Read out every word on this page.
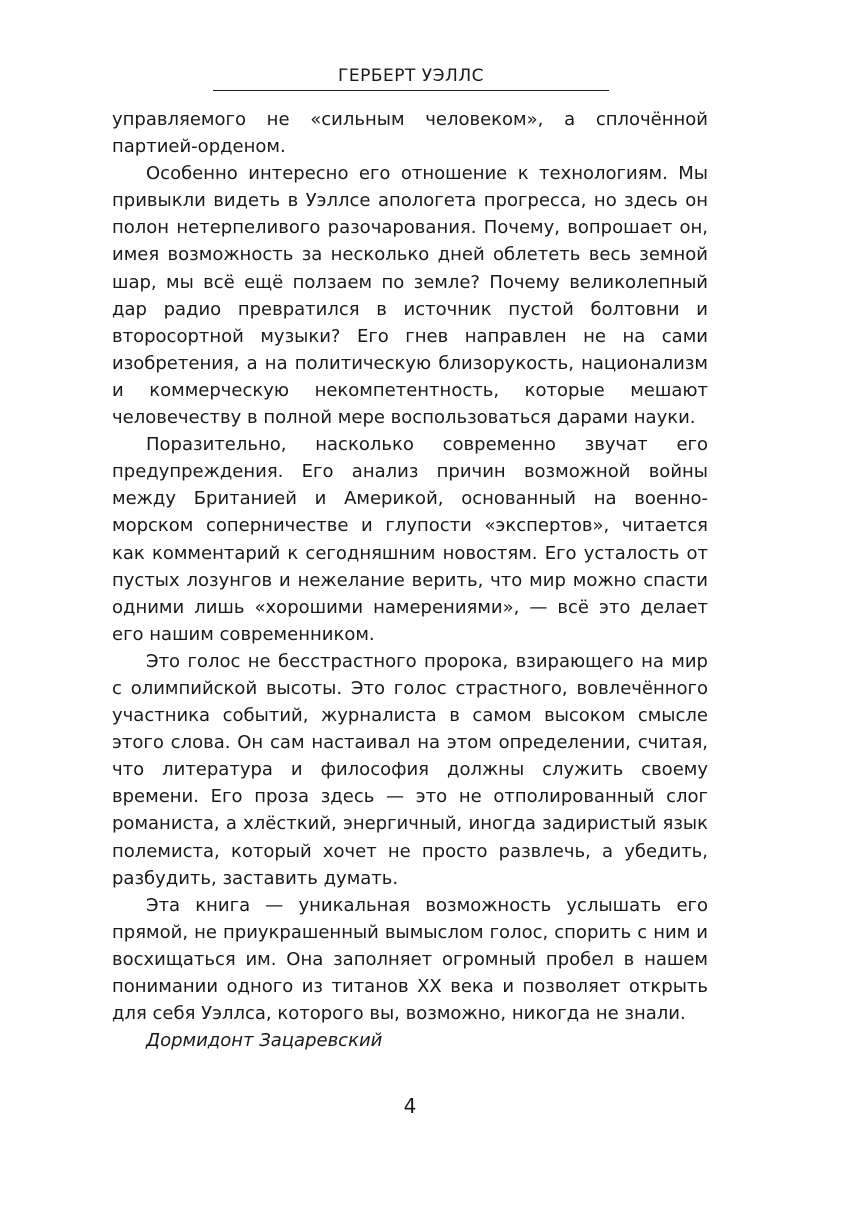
ГЕРБЕРТ УЭЛЛС

управляемого не «сильным человеком», а сплочённой партией-орденом.

Особенно интересно его отношение к технологиям. Мы привыкли видеть в Уэллсе апологета прогресса, но здесь он полон нетерпеливого разочарования. Почему, вопрошает он, имея возможность за несколько дней облететь весь земной шар, мы всё ещё ползаем по земле? Почему великолепный дар радио превратился в источник пустой болтовни и второсортной музыки? Его гнев направлен не на сами изобретения, а на политическую близорукость, национализм и коммерческую некомпетентность, которые мешают человечеству в полной мере воспользоваться дарами науки.

Поразительно, насколько современно звучат его предупреждения. Его анализ причин возможной войны между Британией и Америкой, основанный на военно-морском соперничестве и глупости «экспертов», читается как комментарий к сегодняшним новостям. Его усталость от пустых лозунгов и нежелание верить, что мир можно спасти одними лишь «хорошими намерениями», — всё это делает его нашим современником.

Это голос не бесстрастного пророка, взирающего на мир с олимпийской высоты. Это голос страстного, вовлечённого участника событий, журналиста в самом высоком смысле этого слова. Он сам настаивал на этом определении, считая, что литература и философия должны служить своему времени. Его проза здесь — это не отполированный слог романиста, а хлёсткий, энергичный, иногда задиристый язык полемиста, который хочет не просто развлечь, а убедить, разбудить, заставить думать.

Эта книга — уникальная возможность услышать его прямой, не приукрашенный вымыслом голос, спорить с ним и восхищаться им. Она заполняет огромный пробел в нашем понимании одного из титанов XX века и позволяет открыть для себя Уэллса, которого вы, возможно, никогда не знали.

Дормидонт Зацаревский

4
